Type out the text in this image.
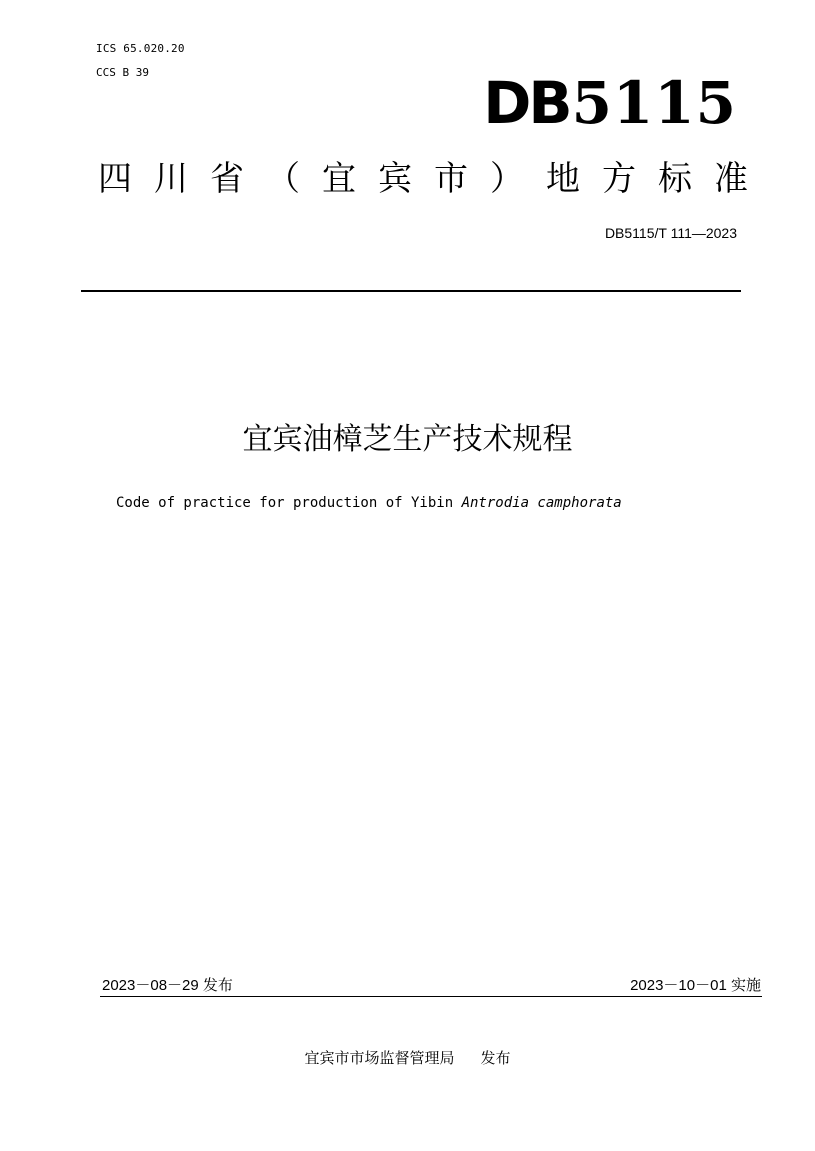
ICS 65.020.20
CCS B 39	DB5115
四川省（宜宾市）地方标准
DB5115/T 111—2023
宜宾油樟芝生产技术规程
Code of practice for production of Yibin Antrodia camphorata
2023－08－29 发布	2023－10－01 实施
宜宾市市场监督管理局 发布
